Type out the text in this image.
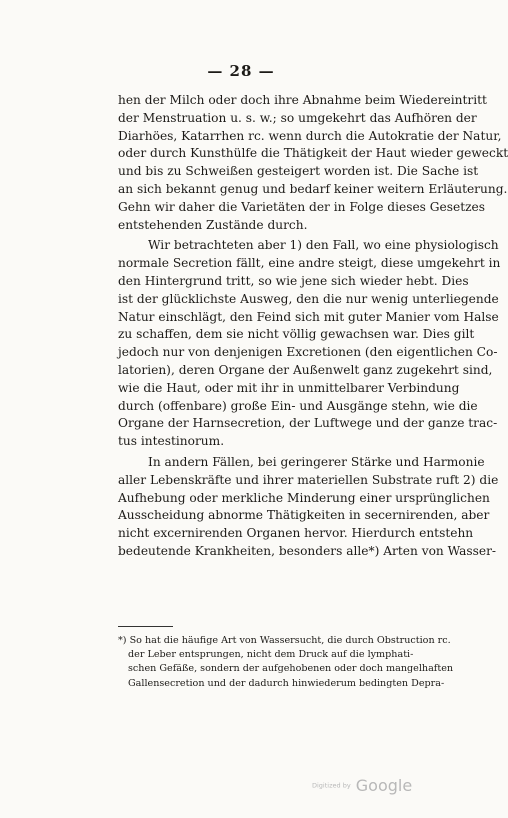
— 28 —
hen der Milch oder doch ihre Abnahme beim Wiedereintritt
der Menstruation u. s. w.; so umgekehrt das Aufhören der
Diarhöes, Katarrhen rc. wenn durch die Autokratie der Natur,
oder durch Kunsthülfe die Thätigkeit der Haut wieder geweckt
und bis zu Schweißen gesteigert worden ist. Die Sache ist
an sich bekannt genug und bedarf keiner weitern Erläuterung.
Gehn wir daher die Varietäten der in Folge dieses Gesetzes
entstehenden Zustände durch.
Wir betrachteten aber 1) den Fall, wo eine physiologisch
normale Secretion fällt, eine andre steigt, diese umgekehrt in
den Hintergrund tritt, so wie jene sich wieder hebt. Dies
ist der glücklichste Ausweg, den die nur wenig unterliegende
Natur einschlägt, den Feind sich mit guter Manier vom Halse
zu schaffen, dem sie nicht völlig gewachsen war. Dies gilt
jedoch nur von denjenigen Excretionen (den eigentlichen Co-
latorien), deren Organe der Außenwelt ganz zugekehrt sind,
wie die Haut, oder mit ihr in unmittelbarer Verbindung
durch (offenbare) große Ein- und Ausgänge stehn, wie die
Organe der Harnsecretion, der Luftwege und der ganze trac-
tus intestinorum.
In andern Fällen, bei geringerer Stärke und Harmonie
aller Lebenskräfte und ihrer materiellen Substrate ruft 2) die
Aufhebung oder merkliche Minderung einer ursprünglichen
Ausscheidung abnorme Thätigkeiten in secernirenden, aber
nicht excernirenden Organen hervor. Hierdurch entstehn
bedeutende Krankheiten, besonders alle*) Arten von Wasser-
*) So hat die häufige Art von Wassersucht, die durch Obstruction rc.
der Leber entsprungen, nicht dem Druck auf die lymphati-
schen Gefäße, sondern der aufgehobenen oder doch mangelhaften
Gallensecretion und der dadurch hinwiederum bedingten Depra-
Digitized by Google
